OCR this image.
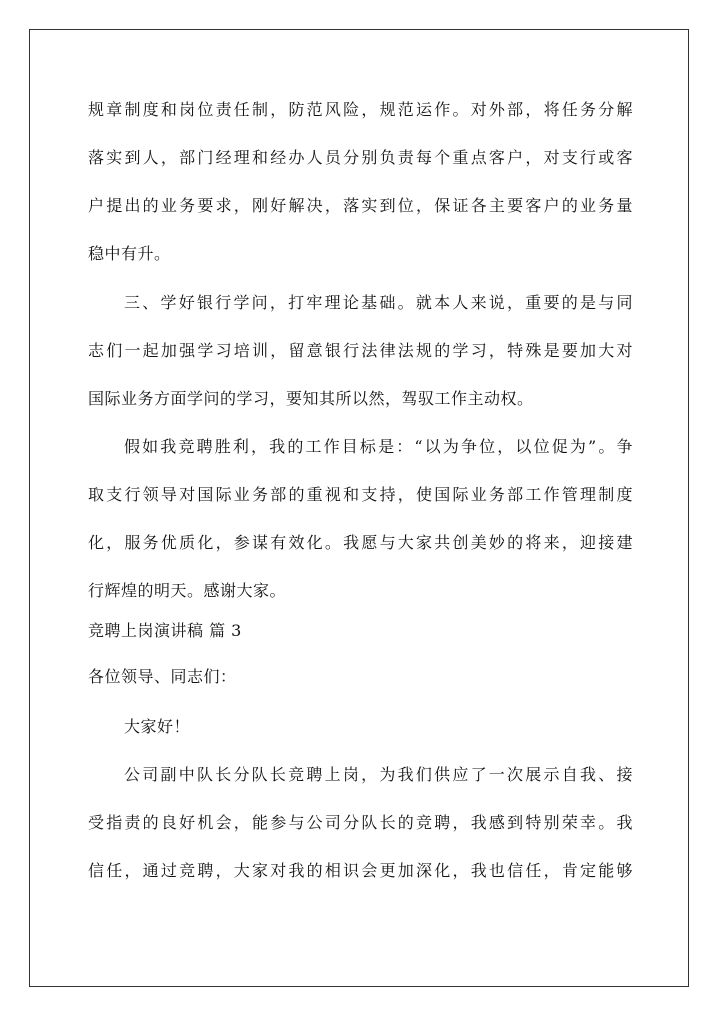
规章制度和岗位责任制，防范风险，规范运作。对外部，将任务分解
落实到人，部门经理和经办人员分别负责每个重点客户，对支行或客
户提出的业务要求，刚好解决，落实到位，保证各主要客户的业务量
稳中有升。
三、学好银行学问，打牢理论基础。就本人来说，重要的是与同
志们一起加强学习培训，留意银行法律法规的学习，特殊是要加大对
国际业务方面学问的学习，要知其所以然，驾驭工作主动权。
假如我竞聘胜利，我的工作目标是：“以为争位，以位促为”。争
取支行领导对国际业务部的重视和支持，使国际业务部工作管理制度
化，服务优质化，参谋有效化。我愿与大家共创美妙的将来，迎接建
行辉煌的明天。感谢大家。
竞聘上岗演讲稿 篇 3
各位领导、同志们：
大家好！
公司副中队长分队长竞聘上岗，为我们供应了一次展示自我、接
受指责的良好机会，能参与公司分队长的竞聘，我感到特别荣幸。我
信任，通过竞聘，大家对我的相识会更加深化，我也信任，肯定能够
